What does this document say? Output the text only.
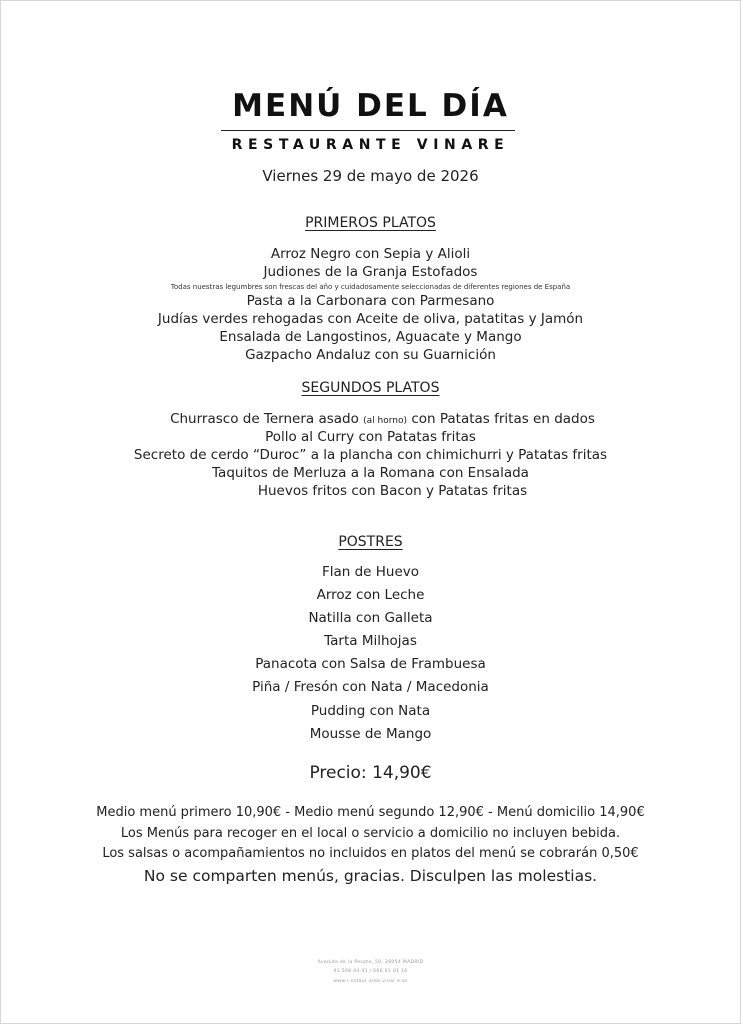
MENÚ DEL DÍA
RESTAURANTE VINARE
Viernes 29 de mayo de 2026
PRIMEROS PLATOS
Arroz Negro con Sepia y Alioli
Judiones de la Granja Estofados
Todas nuestras legumbres son frescas del año y cuidadosamente seleccionadas de diferentes regiones de España
Pasta a la Carbonara con Parmesano
Judías verdes rehogadas con Aceite de oliva, patatitas y Jamón
Ensalada de Langostinos, Aguacate y Mango
Gazpacho Andaluz con su Guarnición
SEGUNDOS PLATOS
Churrasco de Ternera asado (al horno) con Patatas fritas en dados
Pollo al Curry con Patatas fritas
Secreto de cerdo “Duroc” a la plancha con chimichurri y Patatas fritas
Taquitos de Merluza a la Romana con Ensalada
Huevos fritos con Bacon y Patatas fritas
POSTRES
Flan de Huevo
Arroz con Leche
Natilla con Galleta
Tarta Milhojas
Panacota con Salsa de Frambuesa
Piña / Fresón con Nata / Macedonia
Pudding con Nata
Mousse de Mango
Precio: 14,90€
Medio menú primero 10,90€ - Medio menú segundo 12,90€ - Menú domicilio 14,90€
Los Menús para recoger en el local o servicio a domicilio no incluyen bebida.
Los salsas o acompañamientos no incluidos en platos del menú se cobrarán 0,50€
No se comparten menús, gracias. Disculpen las molestias.
Avenida de la Peseta, 50, 28054 MADRID
91 508 44 41 / 666 01 01 16
www.r estaur ante vinar e.es
